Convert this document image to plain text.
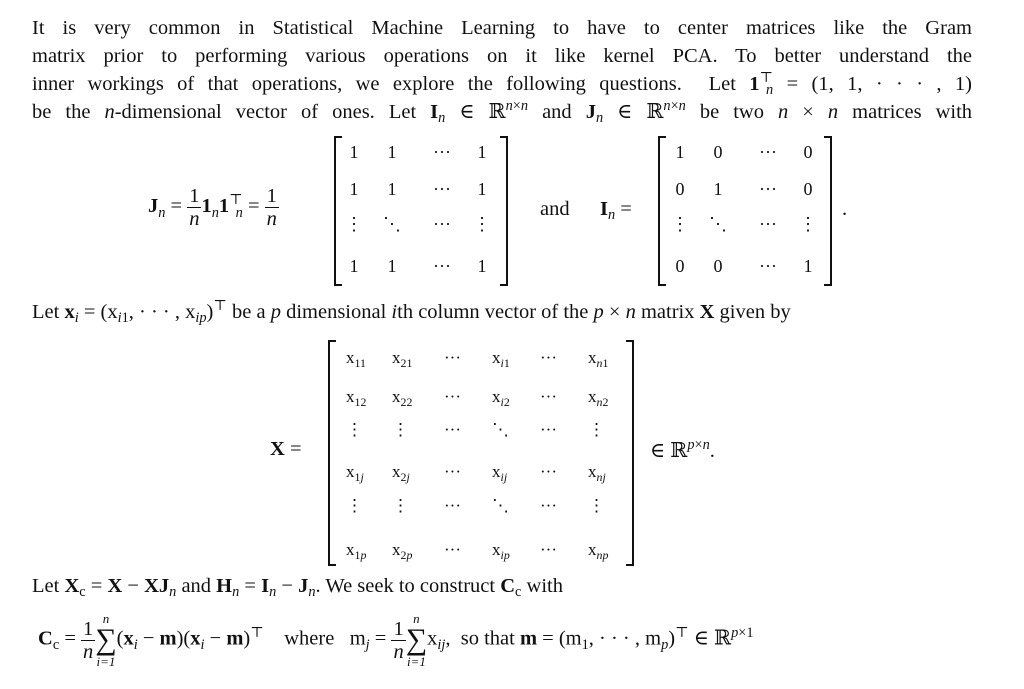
It is very common in Statistical Machine Learning to have to center matrices like the Gram
matrix prior to performing various operations on it like kernel PCA. To better understand the
inner workings of that operations, we explore the following questions. Let $1^⊤_n = (1$, 1, · · · , 1)
be the n-dimensional vector of ones. Let $I_n$ ∈ ℝ$^{n\times n}$ and $J_n$ ∈ ℝ$^{n\times n}$ be two n × n matrices with
$J_n = \frac{1}{n} 1_n1^⊤_n = \frac{1}{n}$
1	1	···	1
1	1	···	1
⋮ ⋱ ··· ⋮
1	1	···	1
and $I_n$ =
1	0	···	0
0	1	···	0
⋮ ⋱ ··· ⋮
0	0	···	1
.
Let $x_i = (x_{i1}$, · · · , $x_{ip})^⊤$ be a p dimensional ith column vector of the p × n matrix X given by
X =
$x_{11}$ $x_{21}$ ··· $x_{i1}$ ··· $x_{n1}$
$x_{12}$ $x_{22}$ ··· $x_{i2}$ ··· $x_{n2}$
⋮ ⋮ ··· ⋱ ··· ⋮
$x_{1j}$ $x_{2j}$ ··· $x_{ij}$ ··· $x_{nj}$
⋮ ⋮ ··· ⋱ ··· ⋮
$x_{1p}$ $x_{2p}$ ··· $x_{ip}$ ··· $x_{np}$
∈ ℝ$^{p\times n}$.
Let $X_c = X - XJ_n$ and $H_n = I_n - J_n$. We seek to construct $C_c$ with
$C_c = \frac{1}{n}$ n
∑
i=1
$(x_i - m)(x_i - m)^⊤$ where   $m_j = \frac{1}{n}$ n
∑
i=1
$x_{ij}$,  so that $m = (m_1$, · · · , $m_p)^⊤$ ∈ ℝ$^{p\times 1}$
